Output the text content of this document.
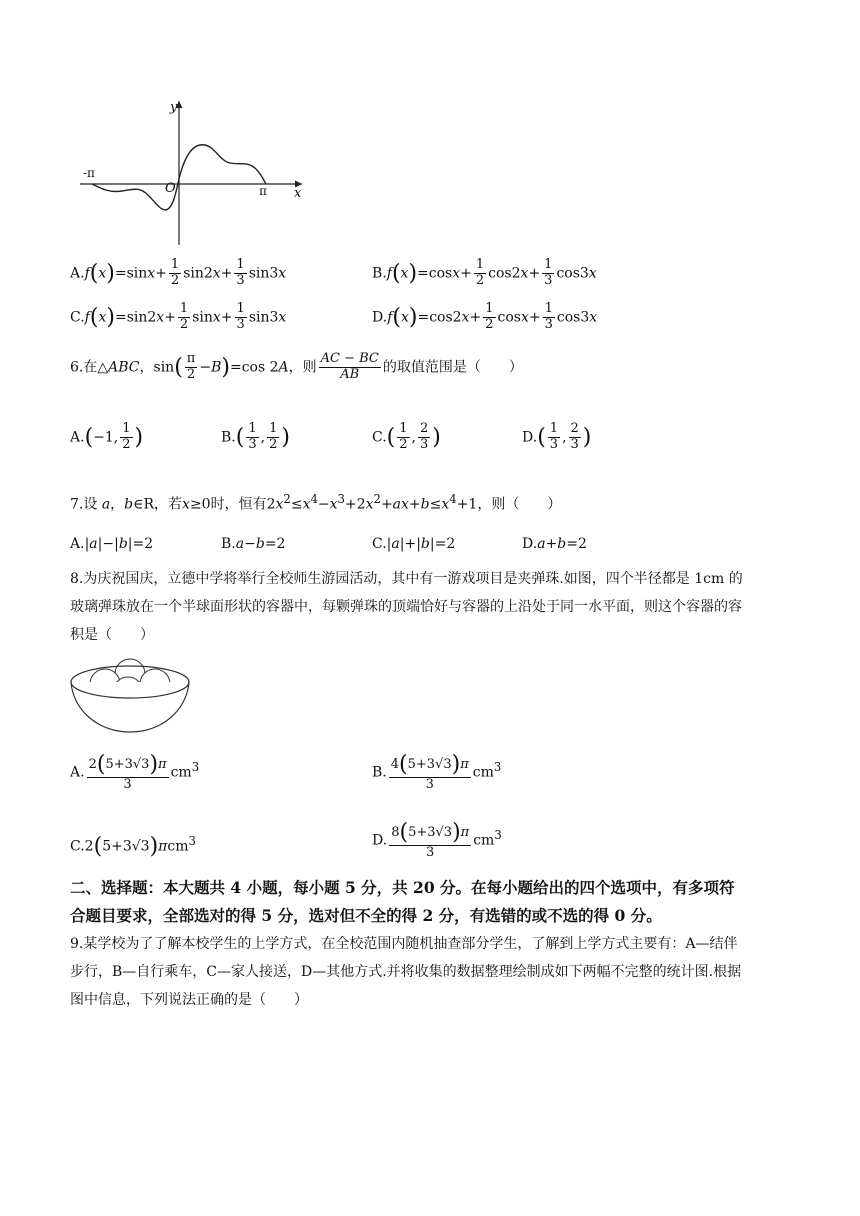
y
x
O
-π
π
$A.f(x)=\sin x+ \frac{1}{2} \sin 2x+ \frac{1}{3} \sin 3x$	$B.f(x)=\cos x+ \frac{1}{2} \cos 2x+ \frac{1}{3} \cos 3x$
$C.f(x)=\sin 2x+ \frac{1}{2} \sin x+ \frac{1}{3} \sin 3x$	$D.f(x)=\cos 2x+ \frac{1}{2} \cos x+ \frac{1}{3} \cos 3x$
6.在△ABC，$\sin( \frac{\pi}{2} -B)=\cos$ 2A，则 $\frac{AC - BC}{AB}$ 的取值范围是（　　）
A.(−1, $\frac{1}{2}$ )	$B.( \frac{1}{3}$ , $\frac{1}{2}$ )	$C.( \frac{1}{2}$ , $\frac{2}{3}$ )	$D.( \frac{1}{3}$ , $\frac{2}{3}$ )
7.设 a，b∈R，若x≥0时，恒有$2x^2\le x^4-x^3+2x^2+ax+b\le x^4+1$，则（　　）
A.|a|−|b|=2	B.a−b=2	C.|a|+|b|=2	D.a+b=2
8.为庆祝国庆，立德中学将举行全校师生游园活动，其中有一游戏项目是夹弹珠.如图，四个半径都是 1cm 的
玻璃弹珠放在一个半球面形状的容器中，每颗弹珠的顶端恰好与容器的上沿处于同一水平面，则这个容器的容
积是（　　）
A. $\frac{2(5+3√3)\pi}{3} cm^3$	B. $\frac{4(5+3√3)\pi}{3} cm^3$
C.2(5+3√3)πcm$^3$	D. $\frac{8(5+3√3)\pi}{3} cm^3$
二、选择题：本大题共 4 小题，每小题 5 分，共 20 分。在每小题给出的四个选项中，有多项符
合题目要求，全部选对的得 5 分，选对但不全的得 2 分，有选错的或不选的得 0 分。
9.某学校为了了解本校学生的上学方式，在全校范围内随机抽查部分学生，了解到上学方式主要有：A—结伴
步行，B—自行乘车，C—家人接送，D—其他方式.并将收集的数据整理绘制成如下两幅不完整的统计图.根据
图中信息，下列说法正确的是（　　）
